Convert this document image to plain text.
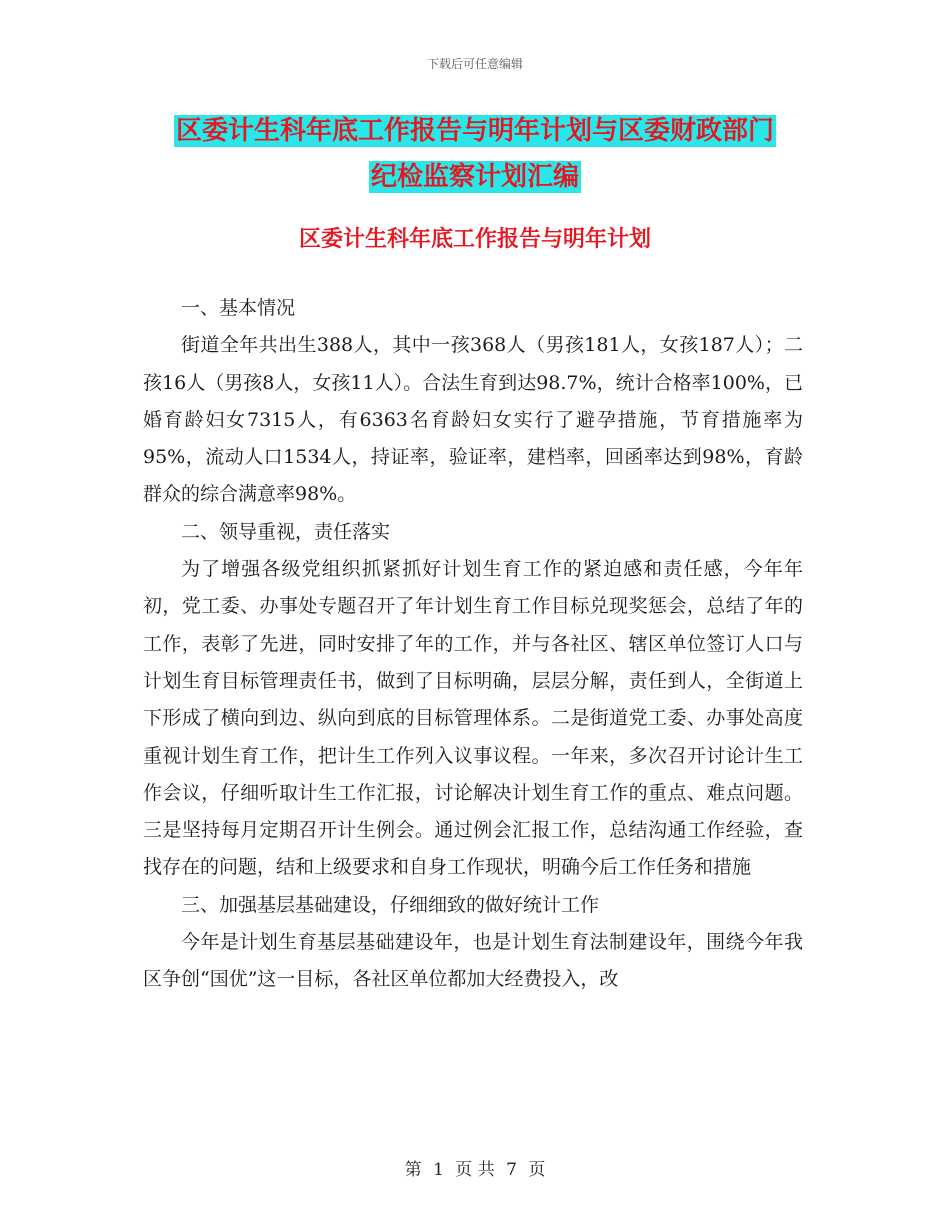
下载后可任意编辑
区委计生科年底工作报告与明年计划与区委财政部门
纪检监察计划汇编
区委计生科年底工作报告与明年计划

一、基本情况

街道全年共出生388人，其中一孩368人（男孩181人，女孩187人）；二孩16人（男孩8人，女孩11人）。合法生育到达98.7%，统计合格率100%，已婚育龄妇女7315人，有6363名育龄妇女实行了避孕措施，节育措施率为95%，流动人口1534人，持证率，验证率，建档率，回函率达到98%，育龄群众的综合满意率98%。

二、领导重视，责任落实

为了增强各级党组织抓紧抓好计划生育工作的紧迫感和责任感，今年年初，党工委、办事处专题召开了年计划生育工作目标兑现奖惩会，总结了年的工作，表彰了先进，同时安排了年的工作，并与各社区、辖区单位签订人口与计划生育目标管理责任书，做到了目标明确，层层分解，责任到人，全街道上下形成了横向到边、纵向到底的目标管理体系。二是街道党工委、办事处高度重视计划生育工作，把计生工作列入议事议程。一年来，多次召开讨论计生工作会议，仔细听取计生工作汇报，讨论解决计划生育工作的重点、难点问题。三是坚持每月定期召开计生例会。通过例会汇报工作，总结沟通工作经验，查找存在的问题，结和上级要求和自身工作现状，明确今后工作任务和措施

三、加强基层基础建设，仔细细致的做好统计工作

今年是计划生育基层基础建设年，也是计划生育法制建设年，围绕今年我区争创“国优”这一目标，各社区单位都加大经费投入，改

第 1 页 共 7 页
